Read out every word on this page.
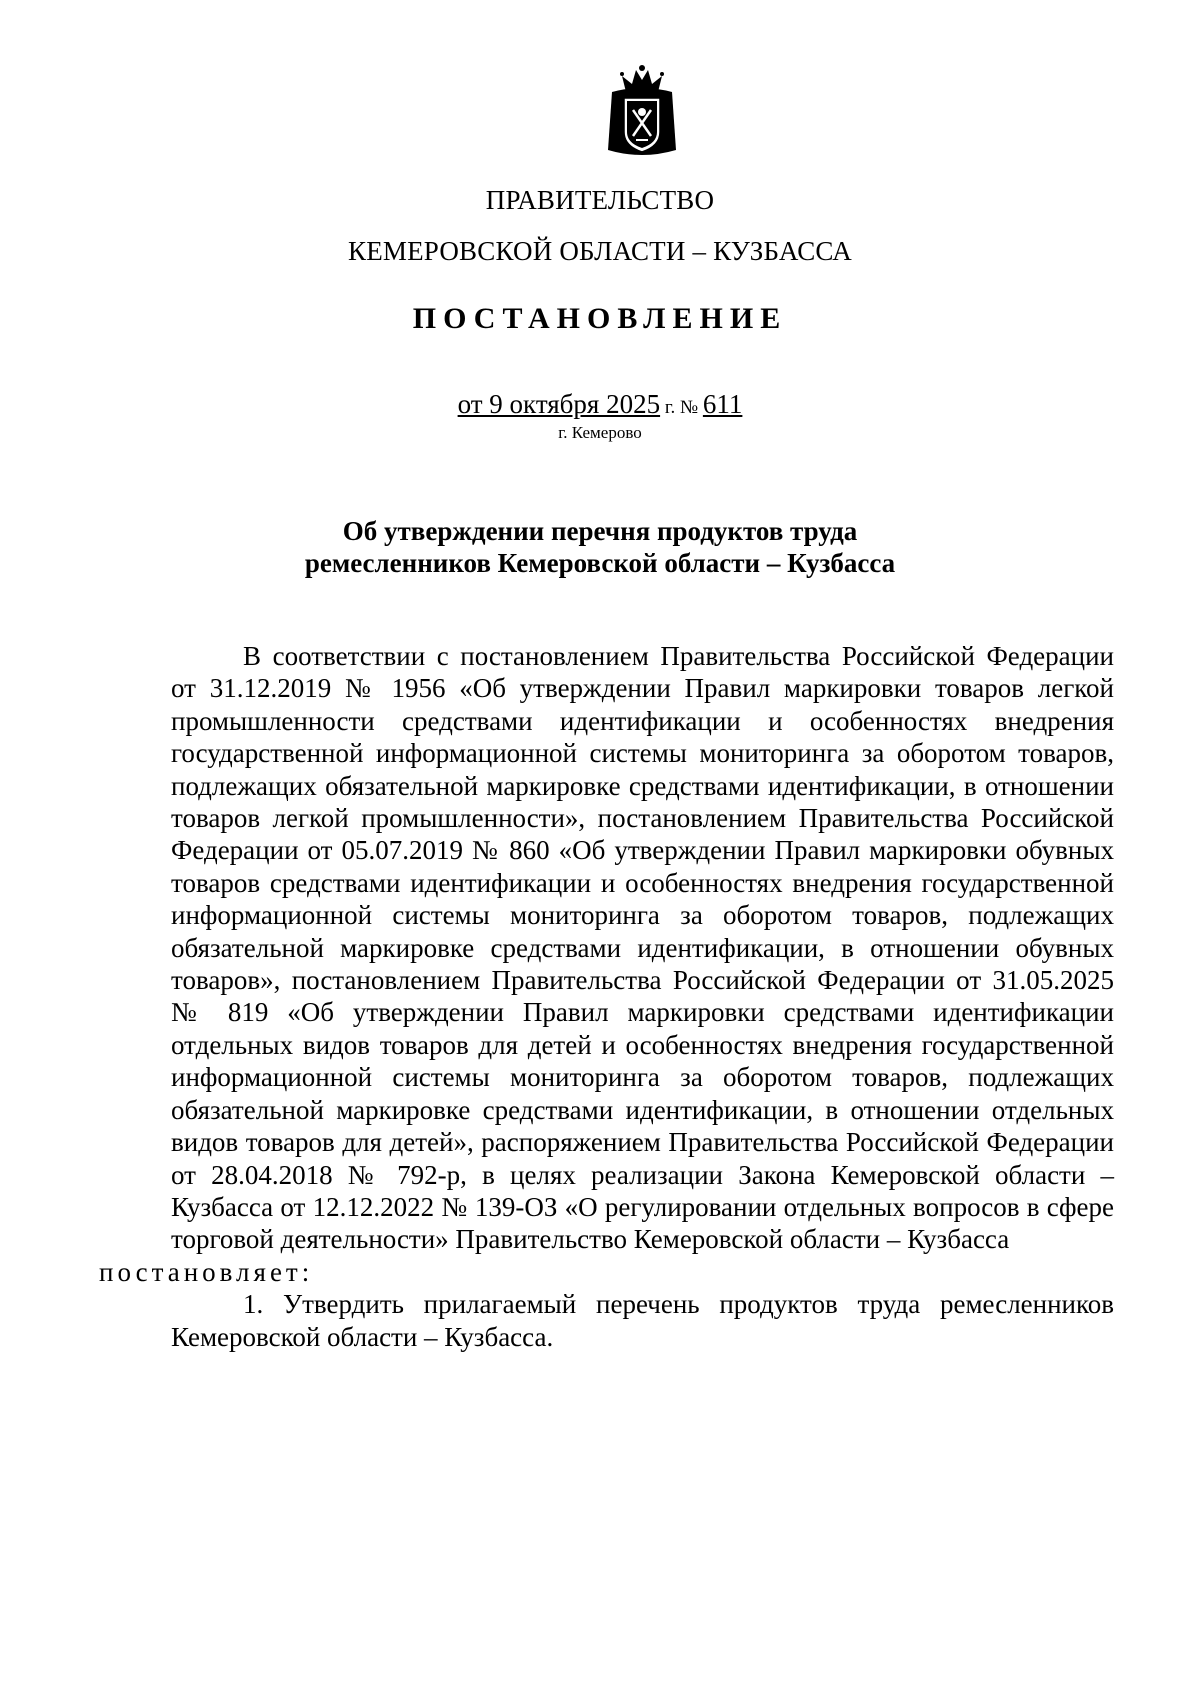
ПРАВИТЕЛЬСТВО
КЕМЕРОВСКОЙ ОБЛАСТИ – КУЗБАССА
ПОСТАНОВЛЕНИЕ
от 9 октября 2025 г. № 611
г. Кемерово
Об утверждении перечня продуктов труда
ремесленников Кемеровской области – Кузбасса

В соответствии с постановлением Правительства Российской Федерации от 31.12.2019 № 1956 «Об утверждении Правил маркировки товаров легкой промышленности средствами идентификации и особенностях внедрения государственной информационной системы мониторинга за оборотом товаров, подлежащих обязательной маркировке средствами идентификации, в отношении товаров легкой промышленности», постановлением Правительства Российской Федерации от 05.07.2019 № 860 «Об утверждении Правил маркировки обувных товаров средствами идентификации и особенностях внедрения государственной информационной системы мониторинга за оборотом товаров, подлежащих обязательной маркировке средствами идентификации, в отношении обувных товаров», постановлением Правительства Российской Федерации от 31.05.2025 № 819 «Об утверждении Правил маркировки средствами идентификации отдельных видов товаров для детей и особенностях внедрения государственной информационной системы мониторинга за оборотом товаров, подлежащих обязательной маркировке средствами идентификации, в отношении отдельных видов товаров для детей», распоряжением Правительства Российской Федерации от 28.04.2018 № 792-р, в целях реализации Закона Кемеровской области – Кузбасса от 12.12.2022 № 139-ОЗ «О регулировании отдельных вопросов в сфере торговой деятельности» Правительство Кемеровской области – Кузбасса
постановляет:

1. Утвердить прилагаемый перечень продуктов труда ремесленников Кемеровской области – Кузбасса.
